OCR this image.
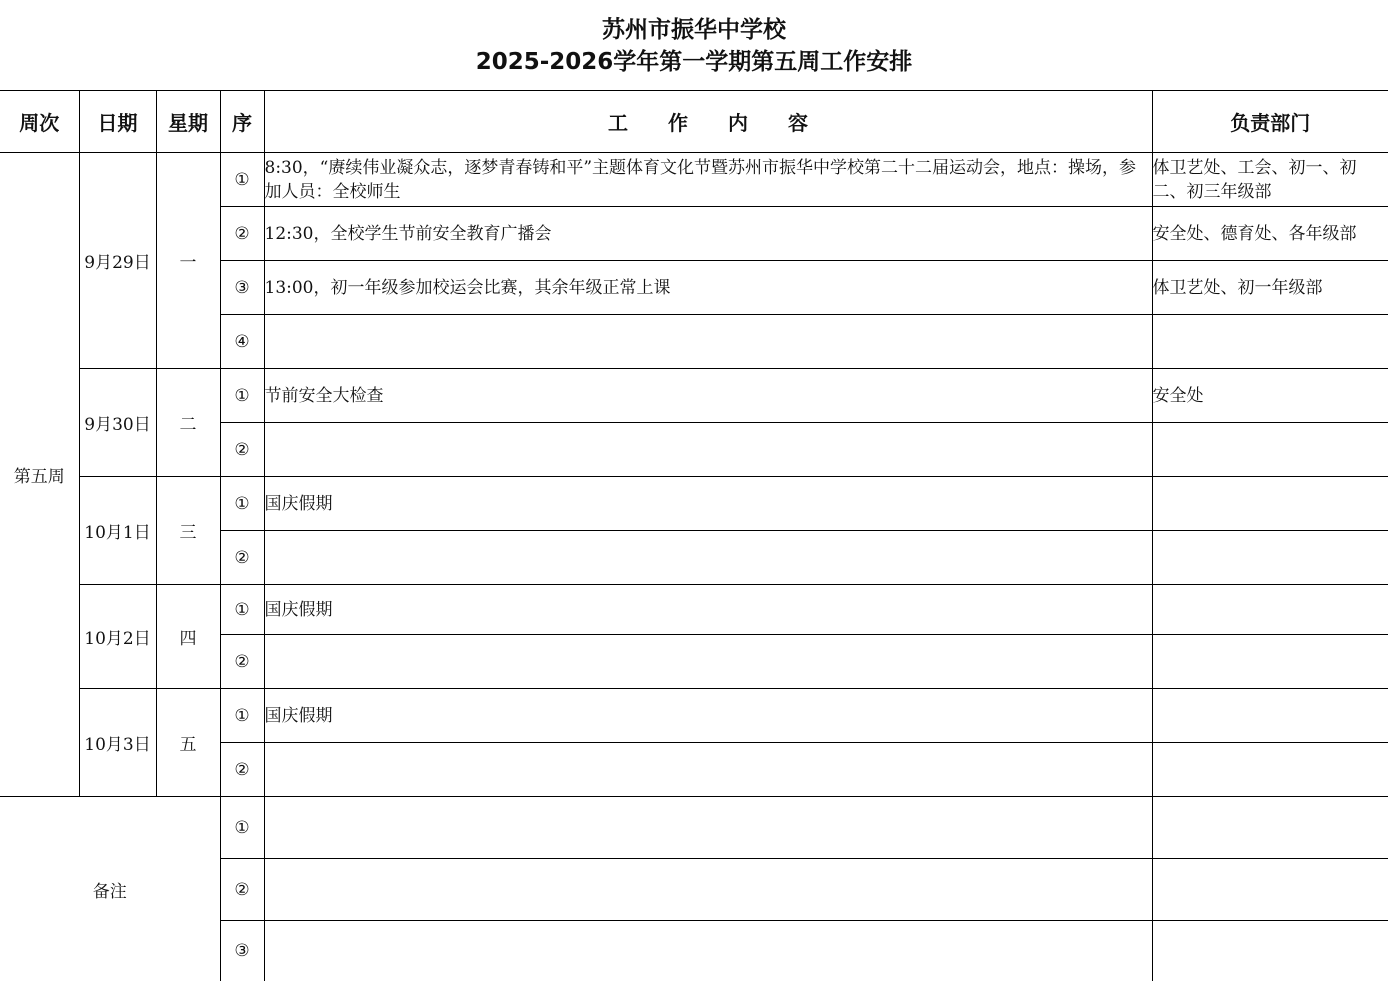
苏州市振华中学校
2025-2026学年第一学期第五周工作安排
周次	日期	星期	序	工　　作　　内　　容	负责部门
第五周	9月29日	一	①	8:30，“赓续伟业凝众志，逐梦青春铸和平”主题体育文化节暨苏州市振华中学校第二十二届运动会，地点：操场，参加人员：全校师生	体卫艺处、工会、初一、初二、初三年级部
			②	12:30，全校学生节前安全教育广播会	安全处、德育处、各年级部
			③	13:00，初一年级参加校运会比赛，其余年级正常上课	体卫艺处、初一年级部
			④		
	9月30日	二	①	节前安全大检查	安全处
			②		
	10月1日	三	①	国庆假期	
			②		
	10月2日	四	①	国庆假期	
			②		
	10月3日	五	①	国庆假期	
			②		
备注			①		
			②		
			③		
